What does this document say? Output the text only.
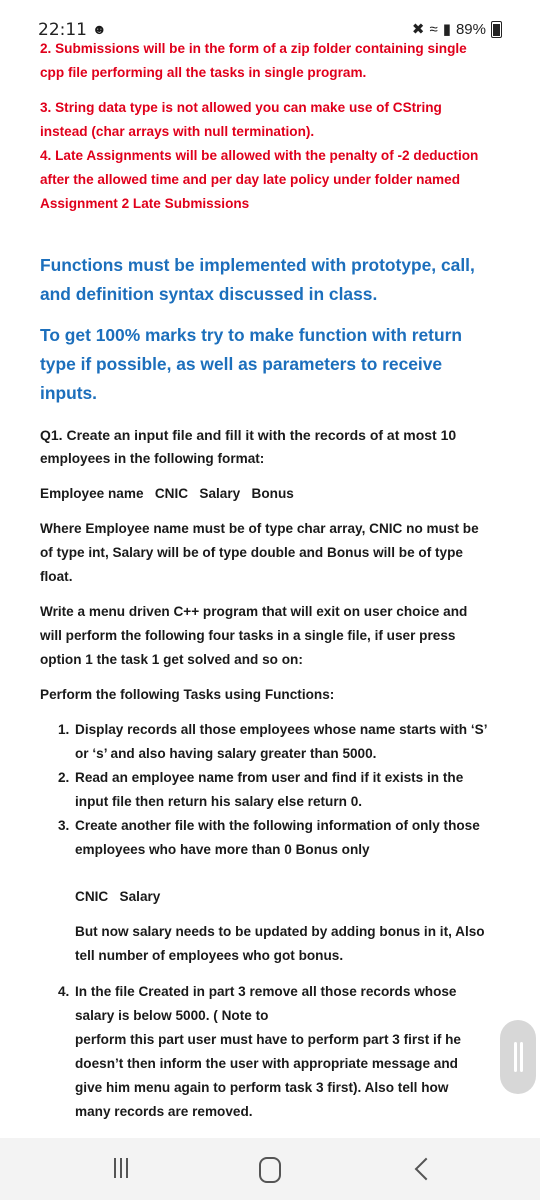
22:11 ☻	✖ ≈ ▮ 89%
2. Submissions will be in the form of a zip folder containing single
cpp file performing all the tasks in single program.
3. String data type is not allowed you can make use of CString
instead (char arrays with null termination).
4. Late Assignments will be allowed with the penalty of -2 deduction
after the allowed time and per day late policy under folder named
Assignment 2 Late Submissions
Functions must be implemented with prototype, call,
and definition syntax discussed in class.
To get 100% marks try to make function with return
type if possible, as well as parameters to receive
inputs.
Q1. Create an input file and fill it with the records of at most 10
employees in the following format:
Employee name   CNIC   Salary   Bonus
Where Employee name must be of type char array, CNIC no must be
of type int, Salary will be of type double and Bonus will be of type
float.
Write a menu driven C++ program that will exit on user choice and
will perform the following four tasks in a single file, if user press
option 1 the task 1 get solved and so on:
Perform the following Tasks using Functions:
1. Display records all those employees whose name starts with ‘S’
or ‘s’ and also having salary greater than 5000.
2. Read an employee name from user and find if it exists in the
input file then return his salary else return 0.
3. Create another file with the following information of only those
employees who have more than 0 Bonus only
CNIC   Salary
But now salary needs to be updated by adding bonus in it, Also
tell number of employees who got bonus.
4. In the file Created in part 3 remove all those records whose
salary is below 5000. ( Note to
perform this part user must have to perform part 3 first if he
doesn’t then inform the user with appropriate message and
give him menu again to perform task 3 first). Also tell how
many records are removed.
